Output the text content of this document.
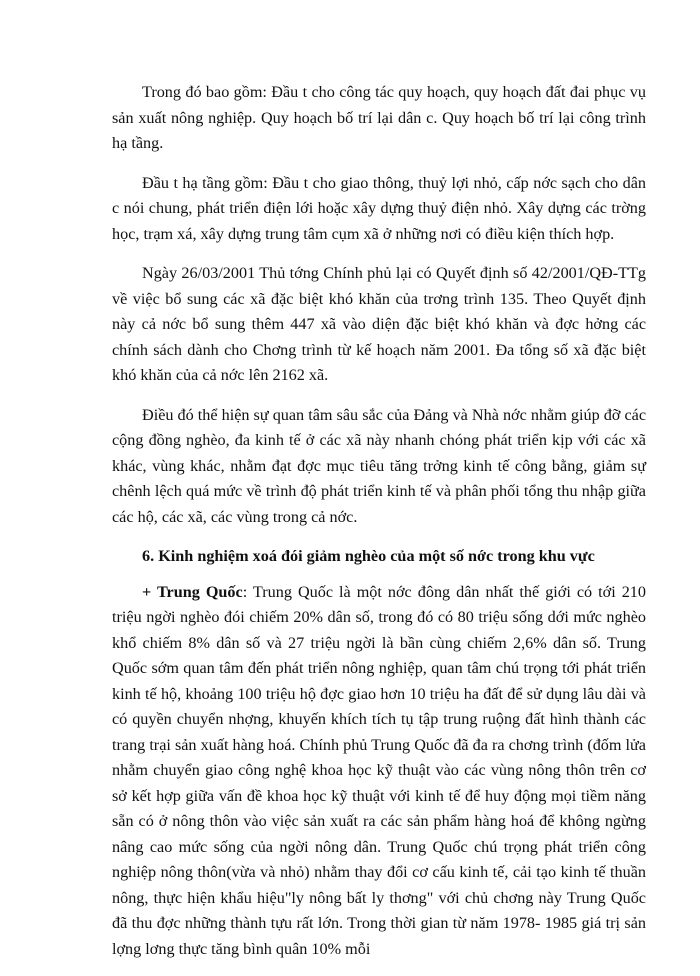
Trong đó bao gồm: Đầu t cho công tác quy hoạch, quy hoạch đất đai phục vụ sản xuất nông nghiệp. Quy hoạch bố trí lại dân c. Quy hoạch bố trí lại công trình hạ tầng.

Đầu t hạ tầng gồm: Đầu t cho giao thông, thuỷ lợi nhỏ, cấp nớc sạch cho dân c nói chung, phát triển điện lới hoặc xây dựng thuỷ điện nhỏ. Xây dựng các trờng học, trạm xá, xây dựng trung tâm cụm xã ở những nơi có điều kiện thích hợp.

Ngày 26/03/2001 Thủ tớng Chính phủ lại có Quyết định số 42/2001/QĐ-TTg về việc bổ sung các xã đặc biệt khó khăn của trơng trình 135. Theo Quyết định này cả nớc bổ sung thêm 447 xã vào diện đặc biệt khó khăn và đợc hởng các chính sách dành cho Chơng trình từ kế hoạch năm 2001. Đa tổng số xã đặc biệt khó khăn của cả nớc lên 2162 xã.

Điều đó thể hiện sự quan tâm sâu sắc của Đảng và Nhà nớc nhằm giúp đỡ các cộng đồng nghèo, đa kinh tế ở các xã này nhanh chóng phát triển kịp với các xã khác, vùng khác, nhằm đạt đợc mục tiêu tăng trởng kinh tế công bằng, giảm sự chênh lệch quá mức về trình độ phát triển kinh tế và phân phối tổng thu nhập giữa các hộ, các xã, các vùng trong cả nớc.

6. Kinh nghiệm xoá đói giảm nghèo của một số nớc trong khu vực

+ Trung Quốc: Trung Quốc là một nớc đông dân nhất thế giới có tới 210 triệu ngời nghèo đói chiếm 20% dân số, trong đó có 80 triệu sống dới mức nghèo khổ chiếm 8% dân số và 27 triệu ngời là bần cùng chiếm 2,6% dân số. Trung Quốc sớm quan tâm đến phát triển nông nghiệp, quan tâm chú trọng tới phát triển kinh tế hộ, khoảng 100 triệu hộ đợc giao hơn 10 triệu ha đất để sử dụng lâu dài và có quyền chuyển nhợng, khuyến khích tích tụ tập trung ruộng đất hình thành các trang trại sản xuất hàng hoá. Chính phủ Trung Quốc đã đa ra chơng trình (đốm lửa nhằm chuyển giao công nghệ khoa học kỹ thuật vào các vùng nông thôn trên cơ sở kết hợp giữa vấn đề khoa học kỹ thuật với kinh tế để huy động mọi tiềm năng sẵn có ở nông thôn vào việc sản xuất ra các sản phẩm hàng hoá để không ngừng nâng cao mức sống của ngời nông dân. Trung Quốc chú trọng phát triển công nghiệp nông thôn(vừa và nhỏ) nhằm thay đổi cơ cấu kinh tế, cải tạo kinh tế thuần nông, thực hiện khẩu hiệu"ly nông bất ly thơng" với chủ chơng này Trung Quốc đã thu đợc những thành tựu rất lớn. Trong thời gian từ năm 1978- 1985 giá trị sản lợng lơng thực tăng bình quân 10% mỗi
